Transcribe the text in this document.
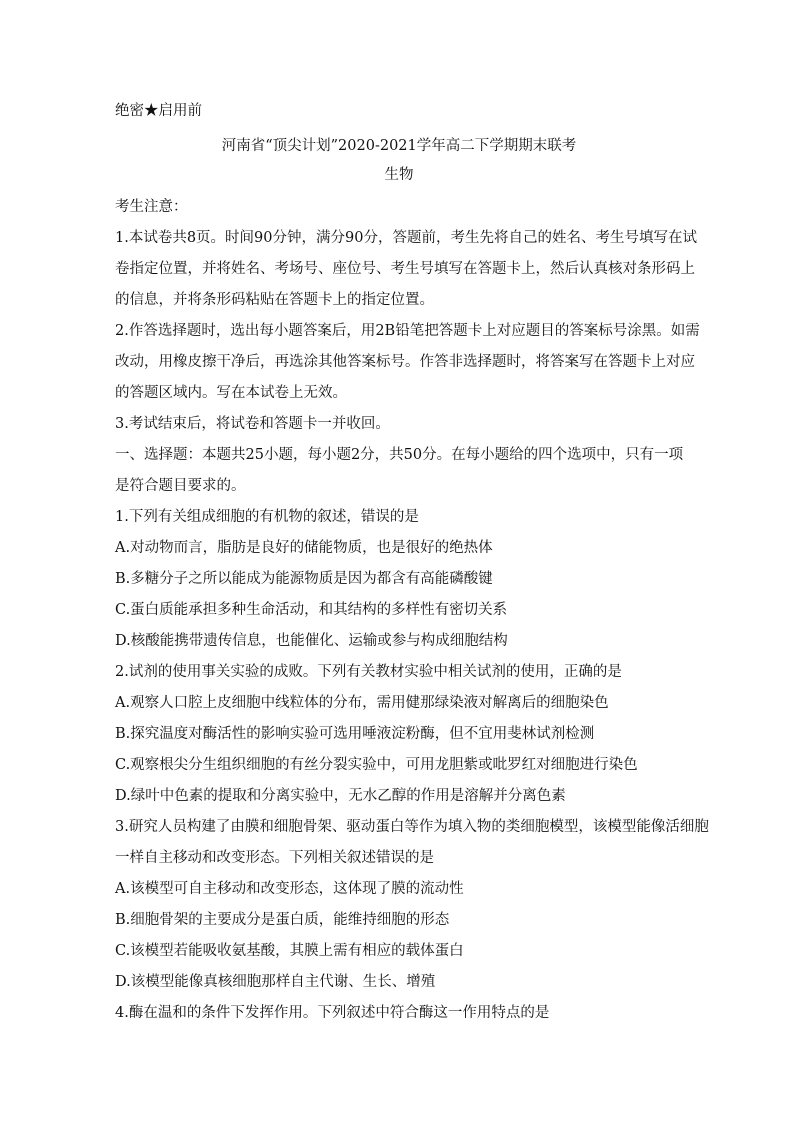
绝密★启用前
河南省“顶尖计划”2020-2021学年高二下学期期末联考
生物
考生注意：
1.本试卷共8页。时间90分钟，满分90分，答题前，考生先将自己的姓名、考生号填写在试
卷指定位置，并将姓名、考场号、座位号、考生号填写在答题卡上，然后认真核对条形码上
的信息，并将条形码粘贴在答题卡上的指定位置。
2.作答选择题时，选出每小题答案后，用2B铅笔把答题卡上对应题目的答案标号涂黑。如需
改动，用橡皮擦干净后，再选涂其他答案标号。作答非选择题时，将答案写在答题卡上对应
的答题区域内。写在本试卷上无效。
3.考试结束后，将试卷和答题卡一并收回。
一、选择题：本题共25小题，每小题2分，共50分。在每小题给的四个选项中，只有一项
是符合题目要求的。
1.下列有关组成细胞的有机物的叙述，错误的是
A.对动物而言，脂肪是良好的储能物质，也是很好的绝热体
B.多糖分子之所以能成为能源物质是因为都含有高能磷酸键
C.蛋白质能承担多种生命活动，和其结构的多样性有密切关系
D.核酸能携带遗传信息，也能催化、运输或参与构成细胞结构
2.试剂的使用事关实验的成败。下列有关教材实验中相关试剂的使用，正确的是
A.观察人口腔上皮细胞中线粒体的分布，需用健那绿染液对解离后的细胞染色
B.探究温度对酶活性的影响实验可选用唾液淀粉酶，但不宜用斐林试剂检测
C.观察根尖分生组织细胞的有丝分裂实验中，可用龙胆紫或吡罗红对细胞进行染色
D.绿叶中色素的提取和分离实验中，无水乙醇的作用是溶解并分离色素
3.研究人员构建了由膜和细胞骨架、驱动蛋白等作为填入物的类细胞模型，该模型能像活细胞
一样自主移动和改变形态。下列相关叙述错误的是
A.该模型可自主移动和改变形态，这体现了膜的流动性
B.细胞骨架的主要成分是蛋白质，能维持细胞的形态
C.该模型若能吸收氨基酸，其膜上需有相应的载体蛋白
D.该模型能像真核细胞那样自主代谢、生长、增殖
4.酶在温和的条件下发挥作用。下列叙述中符合酶这一作用特点的是
